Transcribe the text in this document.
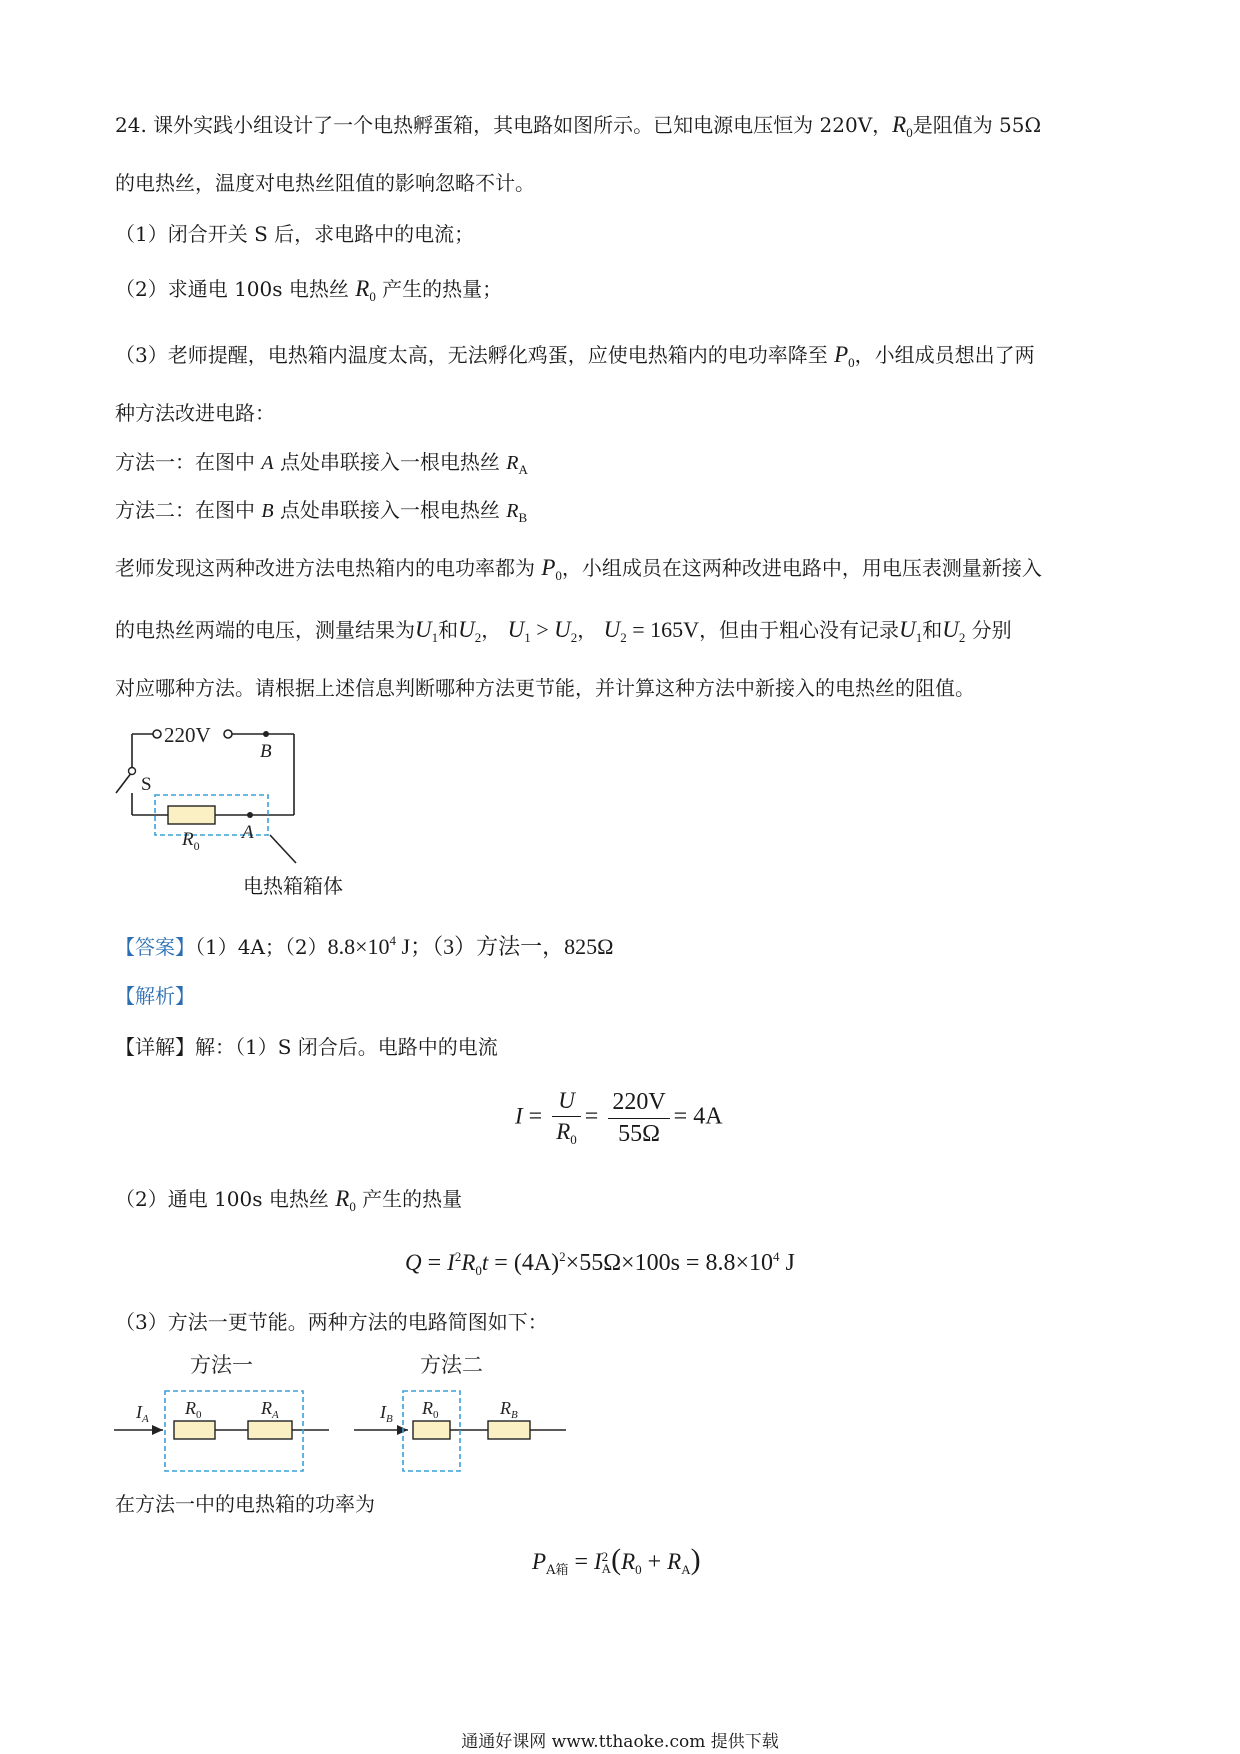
24. 课外实践小组设计了一个电热孵蛋箱，其电路如图所示。已知电源电压恒为 220V，$R_0$是阻值为 55Ω
的电热丝，温度对电热丝阻值的影响忽略不计。
（1）闭合开关 S 后，求电路中的电流；
（2）求通电 100s 电热丝 $R_0$ 产生的热量；
（3）老师提醒，电热箱内温度太高，无法孵化鸡蛋，应使电热箱内的电功率降至 $P_0$，小组成员想出了两
种方法改进电路：
方法一：在图中 A 点处串联接入一根电热丝 $R_A$
方法二：在图中 B 点处串联接入一根电热丝 $R_B$
老师发现这两种改进方法电热箱内的电功率都为 $P_0$，小组成员在这两种改进电路中，用电压表测量新接入
的电热丝两端的电压，测量结果为$U_1$和$U_2$， $U_1 > U_2$， $U_2 = 165V$，但由于粗心没有记录$U_1$和$U_2$ 分别
对应哪种方法。请根据上述信息判断哪种方法更节能，并计算这种方法中新接入的电热丝的阻值。
220V
B
S
$R_0$
A
电热箱箱体
【答案】（1）4A；$(2)8.8\times 10^4$ J；（3）方法一，825Ω
【解析】
【详解】解：（1）S 闭合后。电路中的电流
$I = \frac{U}{R_0} = \frac{220V}{55\Omega} = 4A$
（2）通电 100s 电热丝 $R_0$ 产生的热量
$Q = I^2R_0t = (4A)^2\times 55\Omega\times 100s = 8.8\times 10^4$ J
（3）方法一更节能。两种方法的电路简图如下：
方法一	方法二
$I_A$
$R_0$	$R_A$	$I_B$
$R_0$	$R_B$
在方法一中的电热箱的功率为
$P_{A箱} = I$ 2
A $(R_0 + R_A)$
通通好课网 www.tthaoke.com 提供下载
